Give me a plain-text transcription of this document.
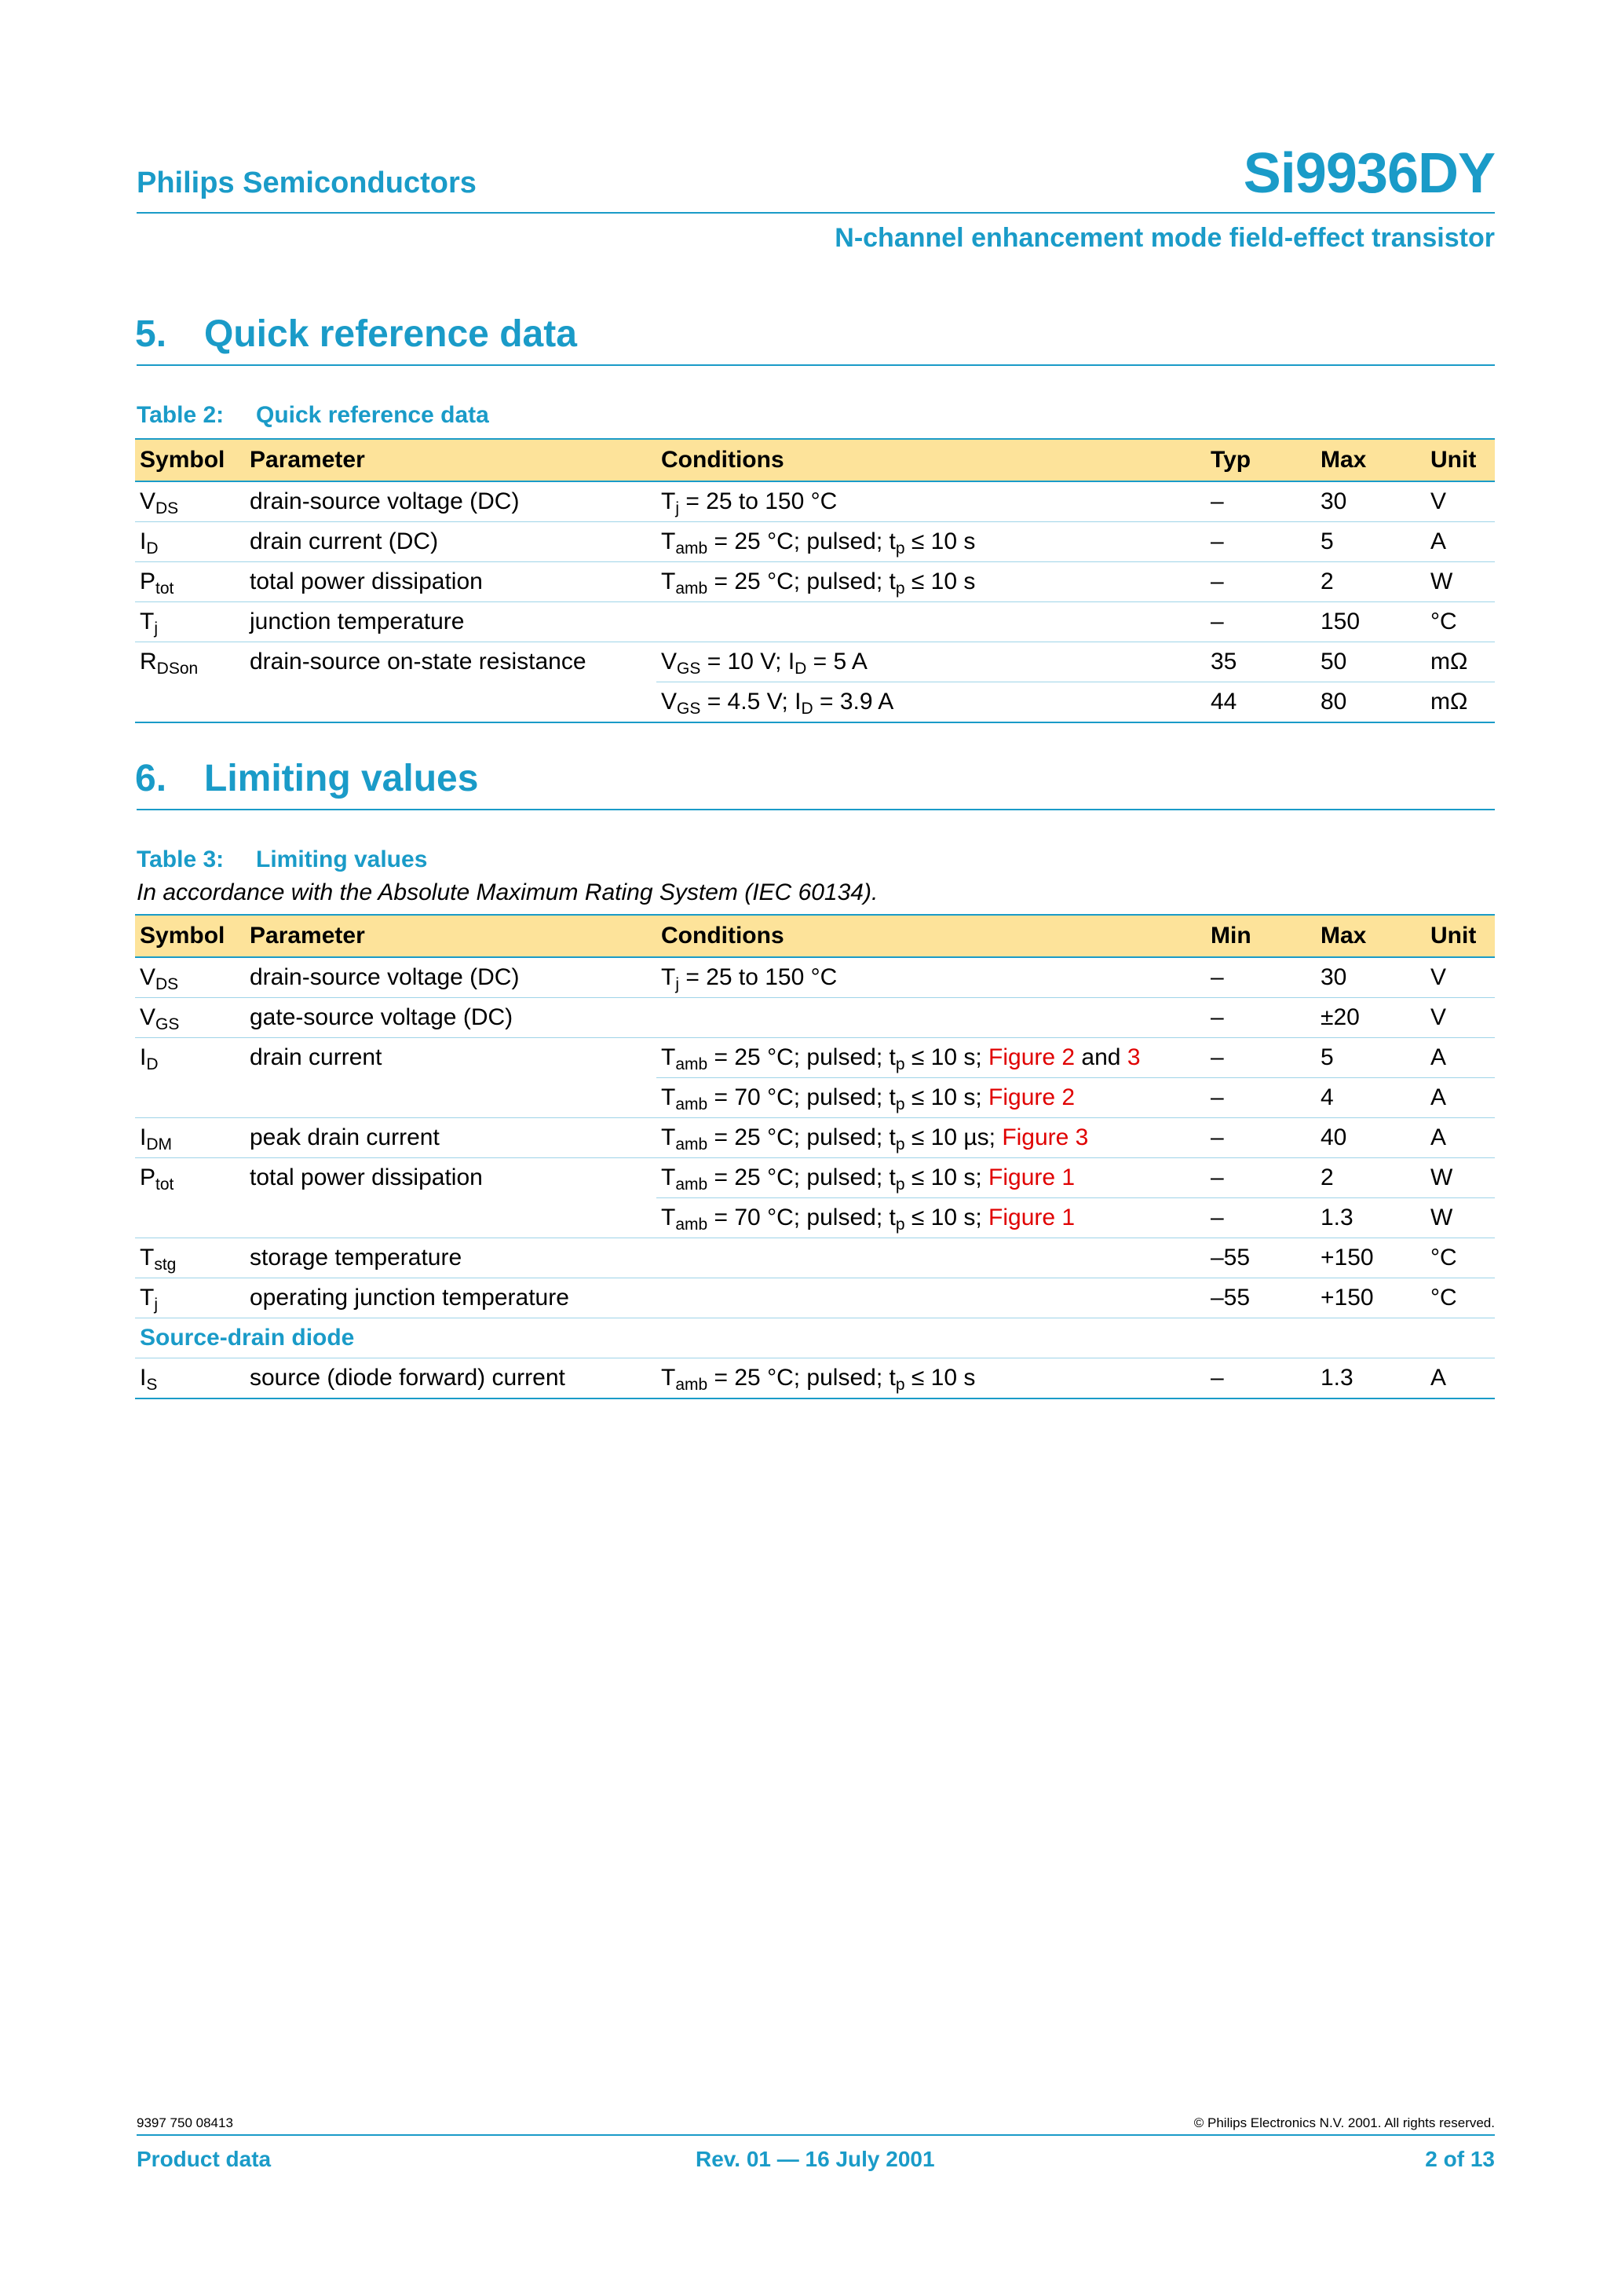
Philips Semiconductors	Si9936DY
N-channel enhancement mode field-effect transistor
5. Quick reference data
Table 2: Quick reference data
Symbol	Parameter	Conditions	Typ	Max	Unit
$V_{DS}$	drain-source voltage (DC)	$T_j = 25$ to 150 °C	–	30	V
$I_D$	drain current (DC)	$T_{amb} = 25$ °C; pulsed; $t_p \le 10$ s	–	5	A
$P_{tot}$	total power dissipation	$T_{amb} = 25$ °C; pulsed; $t_p \le 10$ s	–	2	W
$T_j$	junction temperature		–	150	°C
$R_{DSon}$	drain-source on-state resistance	$V_{GS} = 10$ V; $I_D = 5$ A	35	50	mΩ
		$V_{GS} = 4.5$ V; $I_D = 3.9$ A	44	80	mΩ
6. Limiting values
Table 3: Limiting values
In accordance with the Absolute Maximum Rating System (IEC 60134).
Symbol	Parameter	Conditions	Min	Max	Unit
$V_{DS}$	drain-source voltage (DC)	$T_j = 25$ to 150 °C	–	30	V
$V_{GS}$	gate-source voltage (DC)		–	±20	V
$I_D$	drain current	$T_{amb} = 25$ °C; pulsed; $t_p \le 10$ s; Figure 2 and 3	–	5	A
		$T_{amb} = 70$ °C; pulsed; $t_p \le 10$ s; Figure 2	–	4	A
$I_{DM}$	peak drain current	$T_{amb} = 25$ °C; pulsed; $t_p \le 10$ µs; Figure 3	–	40	A
$P_{tot}$	total power dissipation	$T_{amb} = 25$ °C; pulsed; $t_p \le 10$ s; Figure 1	–	2	W
		$T_{amb} = 70$ °C; pulsed; $t_p \le 10$ s; Figure 1	–	1.3	W
$T_{stg}$	storage temperature		–55	+150	°C
$T_j$	operating junction temperature		–55	+150	°C
Source-drain diode					
$I_S$	source (diode forward) current	$T_{amb} = 25$ °C; pulsed; $t_p \le 10$ s	–	1.3	A
9397 750 08413	© Philips Electronics N.V. 2001. All rights reserved.
Product data	Rev. 01 — 16 July 2001	2 of 13
